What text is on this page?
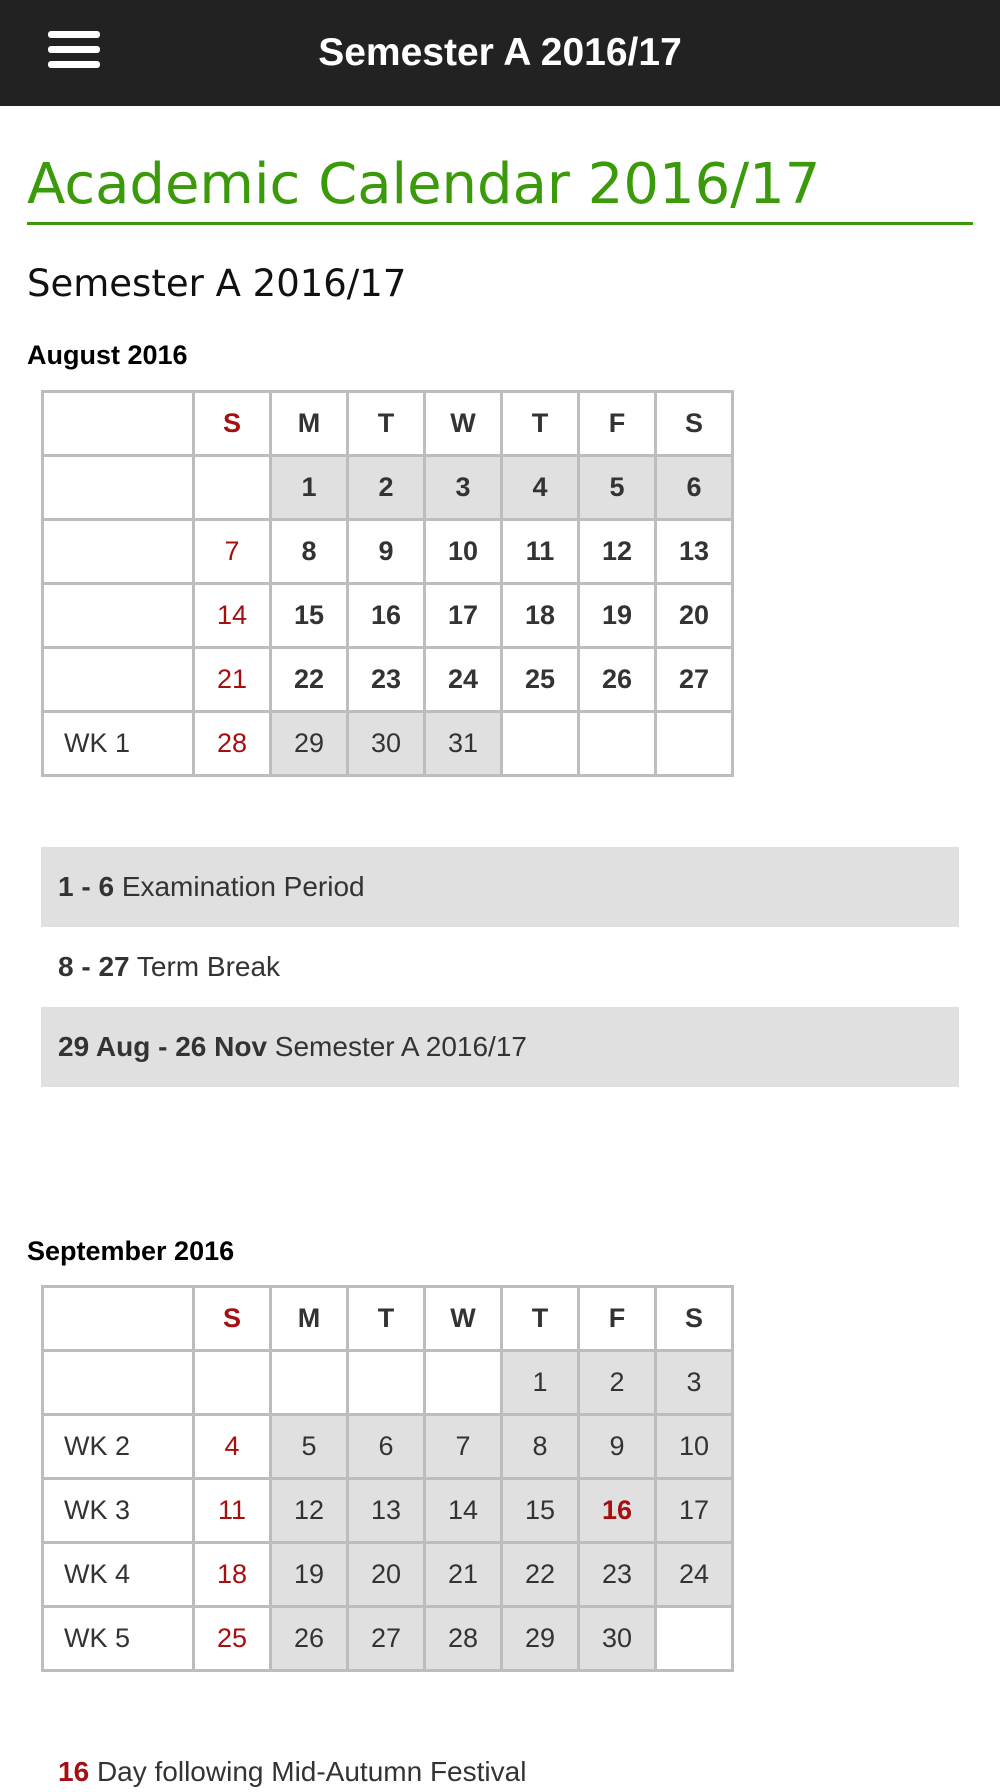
Semester A 2016/17
Academic Calendar 2016/17
Semester A 2016/17
August 2016
	S	M	T	W	T	F	S
		1	2	3	4	5	6
	7	8	9	10	11	12	13
	14	15	16	17	18	19	20
	21	22	23	24	25	26	27
WK 1	28	29	30	31			
1 - 6 Examination Period
8 - 27 Term Break
29 Aug - 26 Nov Semester A 2016/17
September 2016
	S	M	T	W	T	F	S
					1	2	3
WK 2	4	5	6	7	8	9	10
WK 3	11	12	13	14	15	16	17
WK 4	18	19	20	21	22	23	24
WK 5	25	26	27	28	29	30	
16 Day following Mid-Autumn Festival
